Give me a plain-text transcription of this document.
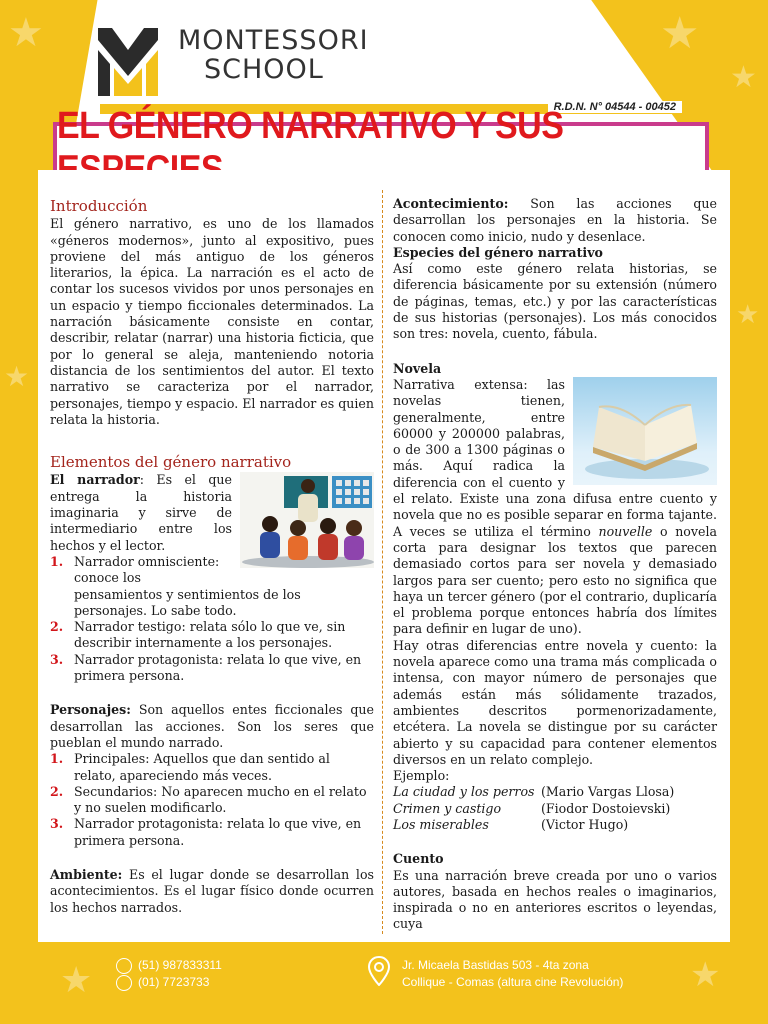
★	★
★
★
★
★	★
MONTESSORI
SCHOOL
R.D.N. N° 04544 - 00452
EL GÉNERO NARRATIVO Y SUS
Introducción

El género narrativo, es uno de los llamados «géneros modernos», junto al expositivo, pues proviene del más antiguo de los géneros literarios, la épica. La narración es el acto de contar los sucesos vividos por unos personajes en un espacio y tiempo ficcionales determinados. La narración básicamente consiste en contar, describir, relatar (narrar) una historia ficticia, que por lo general se aleja, manteniendo notoria distancia de los sentimientos del autor. El texto narrativo se caracteriza por el narrador, personajes, tiempo y espacio. El narrador es quien relata la historia.

Elementos del género narrativo

El narrador: Es el que entrega la historia imaginaria y sirve de intermediario entre los hechos y el lector.

1. Narrador omnisciente: conoce los pensamientos y sentimientos de los personajes. Lo sabe todo.
2. Narrador testigo: relata sólo lo que ve, sin describir internamente a los personajes.
3. Narrador protagonista: relata lo que vive, en primera persona.

Personajes: Son aquellos entes ficcionales que desarrollan las acciones. Son los seres que pueblan el mundo narrado.

1. Principales: Aquellos que dan sentido al relato, apareciendo más veces.
2. Secundarios: No aparecen mucho en el relato y no suelen modificarlo.
3. Narrador protagonista: relata lo que vive, en primera persona.

Ambiente: Es el lugar donde se desarrollan los acontecimientos. Es el lugar físico donde ocurren los hechos narrados.

Acontecimiento: Son las acciones que desarrollan los personajes en la historia. Se conocen como inicio, nudo y desenlace.

Especies del género narrativo

Así como este género relata historias, se diferencia básicamente por su extensión (número de páginas, temas, etc.) y por las características de sus historias (personajes). Los más conocidos son tres: novela, cuento, fábula.

Novela

Narrativa extensa: las novelas tienen, generalmente, entre 60000 y 200000 palabras, o de 300 a 1300 páginas o más. Aquí radica la diferencia con el cuento y el relato. Existe una zona difusa entre cuento y novela que no es posible separar en forma tajante. A veces se utiliza el término nouvelle o novela corta para designar los textos que parecen demasiado cortos para ser novela y demasiado largos para ser cuento; pero esto no significa que haya un tercer género (por el contrario, duplicaría el problema porque entonces habría dos límites para definir en lugar de uno).

Hay otras diferencias entre novela y cuento: la novela aparece como una trama más complicada o intensa, con mayor número de personajes que además están más sólidamente trazados, ambientes descritos pormenorizadamente, etcétera. La novela se distingue por su carácter abierto y su capacidad para contener elementos diversos en un relato complejo.

Ejemplo:

La ciudad y los perros (Mario Vargas Llosa)
Crimen y castigo	(Fiodor Dostoievski)
Los miserables	(Victor Hugo)
Cuento

Es una narración breve creada por uno o varios autores, basada en hechos reales o imaginarios, inspirada o no en anteriores escritos o leyendas, cuya

(51) 987833311
(01) 7723733
Jr. Micaela Bastidas 503 - 4ta zona
Collique - Comas (altura cine Revolución)
